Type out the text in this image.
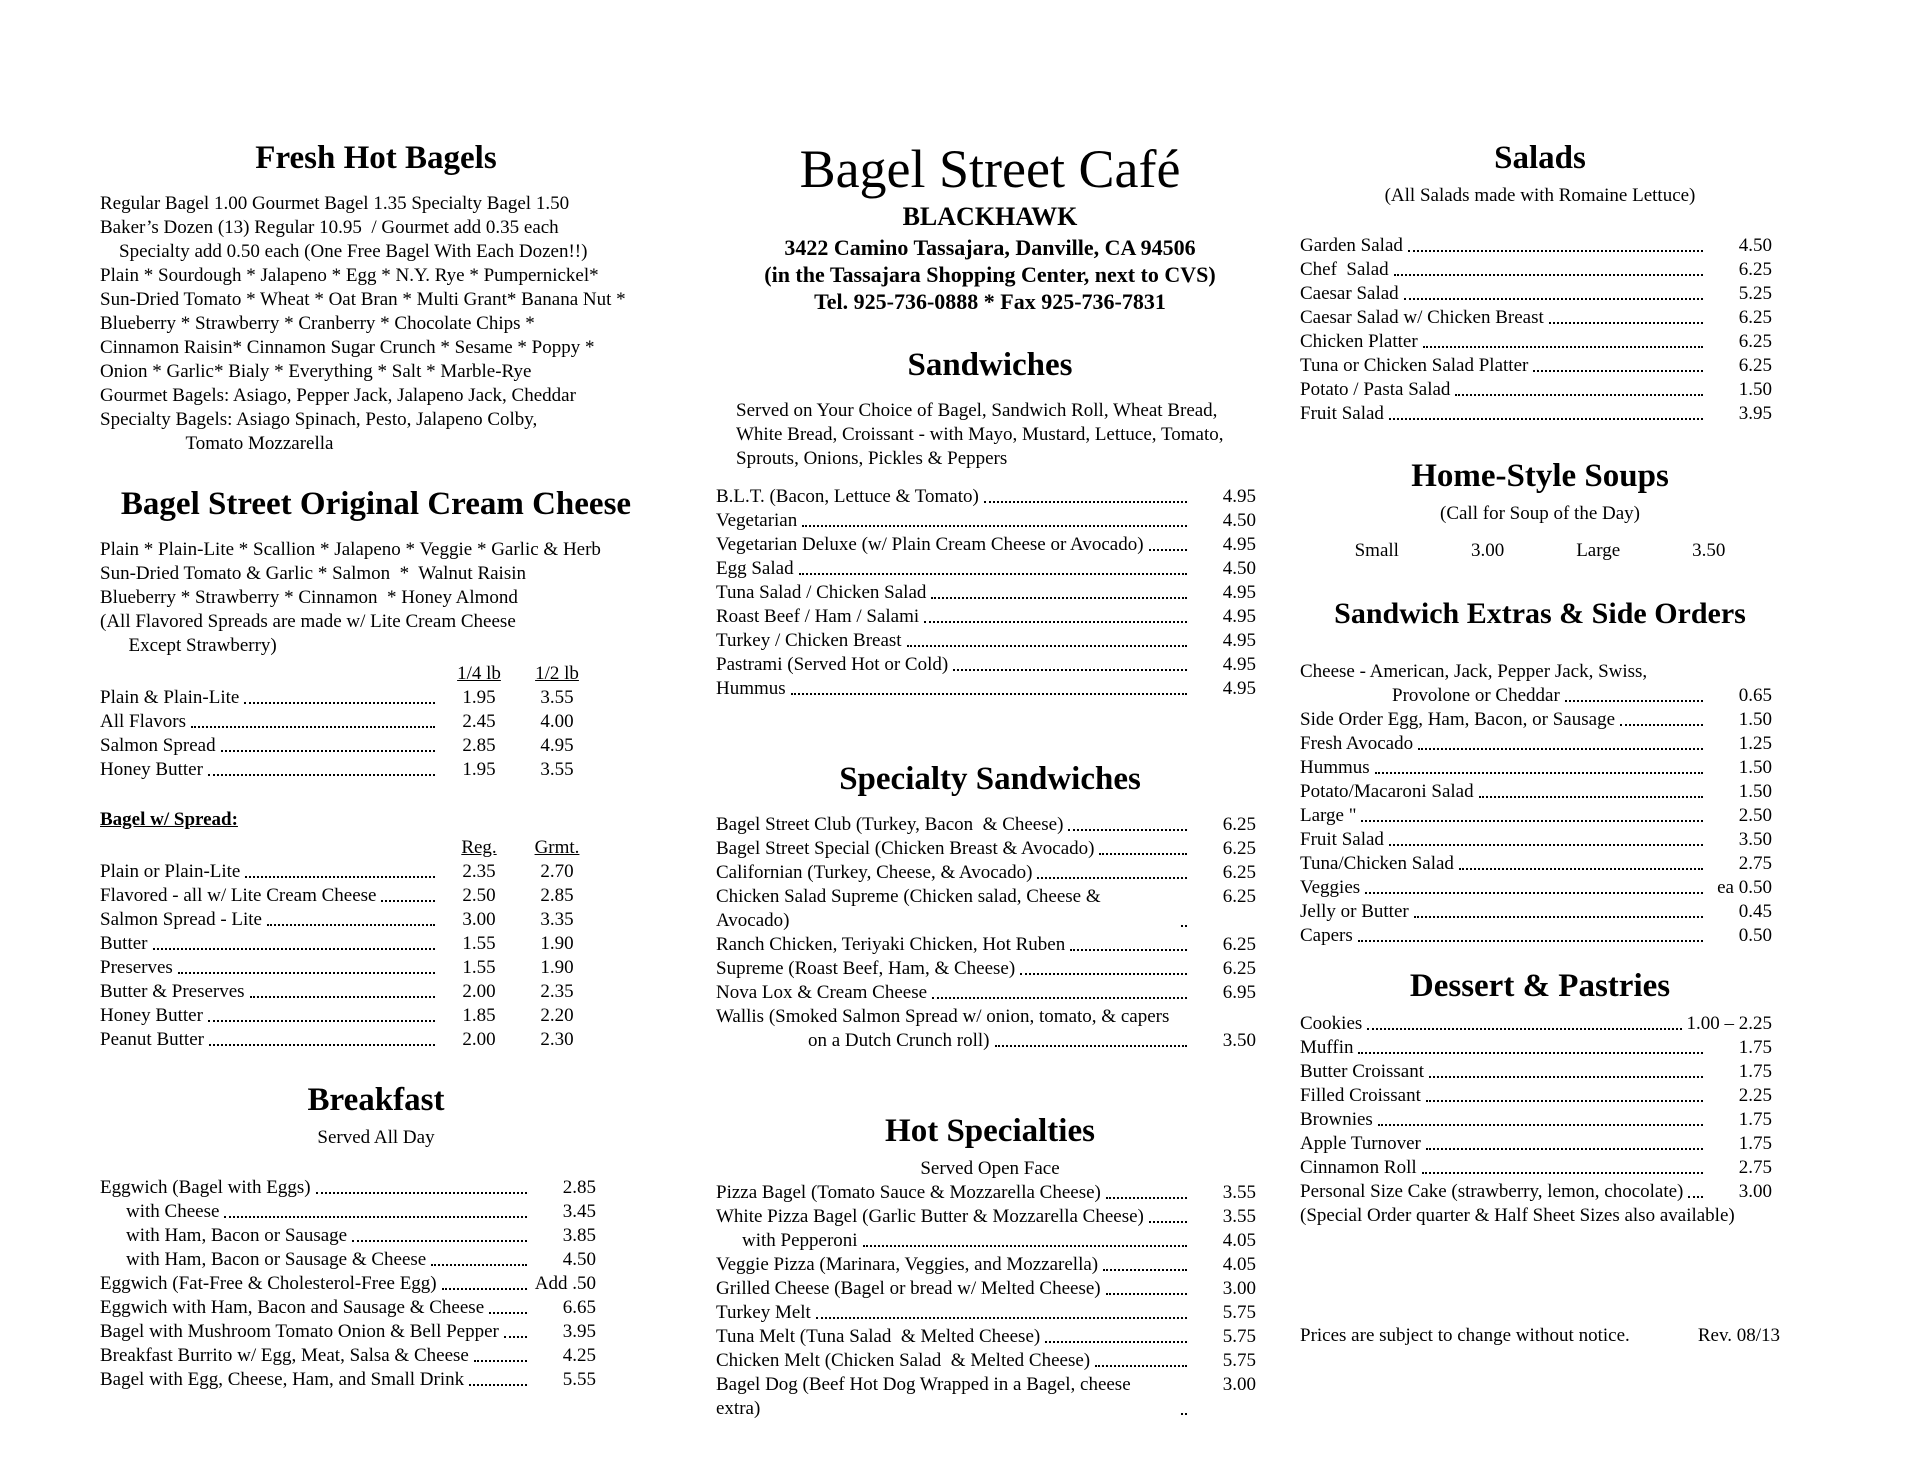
Fresh Hot Bagels
Regular Bagel 1.00 Gourmet Bagel 1.35 Specialty Bagel 1.50
Baker’s Dozen (13) Regular 10.95  / Gourmet add 0.35 each
Specialty add 0.50 each (One Free Bagel With Each Dozen!!)
Plain * Sourdough * Jalapeno * Egg * N.Y. Rye * Pumpernickel*
Sun-Dried Tomato * Wheat * Oat Bran * Multi Grant* Banana Nut *
Blueberry * Strawberry * Cranberry * Chocolate Chips *
Cinnamon Raisin* Cinnamon Sugar Crunch * Sesame * Poppy *
Onion * Garlic* Bialy * Everything * Salt * Marble-Rye
Gourmet Bagels: Asiago, Pepper Jack, Jalapeno Jack, Cheddar
Specialty Bagels: Asiago Spinach, Pesto, Jalapeno Colby,
Tomato Mozzarella
Bagel Street Original Cream Cheese
Plain * Plain-Lite * Scallion * Jalapeno * Veggie * Garlic & Herb
Sun-Dried Tomato & Garlic * Salmon  *  Walnut Raisin
Blueberry * Strawberry * Cinnamon  * Honey Almond
(All Flavored Spreads are made w/ Lite Cream Cheese
Except Strawberry)
1/4 lb	1/2 lb
Plain & Plain-Lite	1.95	3.55
All Flavors	2.45	4.00
Salmon Spread	2.85	4.95
Honey Butter	1.95	3.55
Bagel w/ Spread:
Reg.	Grmt.
Plain or Plain-Lite	2.35	2.70
Flavored - all w/ Lite Cream Cheese	2.50	2.85
Salmon Spread - Lite	3.00	3.35
Butter	1.55	1.90
Preserves	1.55	1.90
Butter & Preserves	2.00	2.35
Honey Butter	1.85	2.20
Peanut Butter	2.00	2.30
Breakfast
Served All Day
Eggwich (Bagel with Eggs)	2.85
with Cheese	3.45
with Ham, Bacon or Sausage	3.85
with Ham, Bacon or Sausage & Cheese	4.50
Eggwich (Fat-Free & Cholesterol-Free Egg)	Add .50
Eggwich with Ham, Bacon and Sausage & Cheese	6.65
Bagel with Mushroom Tomato Onion & Bell Pepper	3.95
Breakfast Burrito w/ Egg, Meat, Salsa & Cheese	4.25
Bagel with Egg, Cheese, Ham, and Small Drink	5.55
Bagel Street Café
BLACKHAWK
3422 Camino Tassajara, Danville, CA 94506
(in the Tassajara Shopping Center, next to CVS)
Tel. 925-736-0888 * Fax 925-736-7831
Sandwiches
Served on Your Choice of Bagel, Sandwich Roll, Wheat Bread,
White Bread, Croissant - with Mayo, Mustard, Lettuce, Tomato,
Sprouts, Onions, Pickles & Peppers
B.L.T. (Bacon, Lettuce & Tomato)	4.95
Vegetarian	4.50
Vegetarian Deluxe (w/ Plain Cream Cheese or Avocado)	4.95
Egg Salad	4.50
Tuna Salad / Chicken Salad	4.95
Roast Beef / Ham / Salami	4.95
Turkey / Chicken Breast	4.95
Pastrami (Served Hot or Cold)	4.95
Hummus	4.95
Specialty Sandwiches
Bagel Street Club (Turkey, Bacon  & Cheese)	6.25
Bagel Street Special (Chicken Breast & Avocado)	6.25
Californian (Turkey, Cheese, & Avocado)	6.25
Chicken Salad Supreme (Chicken salad, Cheese & Avocado)
6.25
Ranch Chicken, Teriyaki Chicken, Hot Ruben	6.25
Supreme (Roast Beef, Ham, & Cheese)	6.25
Nova Lox & Cream Cheese	6.95
Wallis (Smoked Salmon Spread w/ onion, tomato, & capers
on a Dutch Crunch roll)	3.50
Hot Specialties
Served Open Face
Pizza Bagel (Tomato Sauce & Mozzarella Cheese)	3.55
White Pizza Bagel (Garlic Butter & Mozzarella Cheese)	3.55
with Pepperoni	4.05
Veggie Pizza (Marinara, Veggies, and Mozzarella)	4.05
Grilled Cheese (Bagel or bread w/ Melted Cheese)	3.00
Turkey Melt	5.75
Tuna Melt (Tuna Salad  & Melted Cheese)	5.75
Chicken Melt (Chicken Salad  & Melted Cheese)	5.75
Bagel Dog (Beef Hot Dog Wrapped in a Bagel, cheese extra)
3.00
Salads
(All Salads made with Romaine Lettuce)
Garden Salad	4.50
Chef  Salad	6.25
Caesar Salad	5.25
Caesar Salad w/ Chicken Breast	6.25
Chicken Platter	6.25
Tuna or Chicken Salad Platter	6.25
Potato / Pasta Salad	1.50
Fruit Salad	3.95
Home-Style Soups
(Call for Soup of the Day)
Small	3.00	Large	3.50
Sandwich Extras & Side Orders
Cheese - American, Jack, Pepper Jack, Swiss,
Provolone or Cheddar	0.65
Side Order Egg, Ham, Bacon, or Sausage	1.50
Fresh Avocado	1.25
Hummus	1.50
Potato/Macaroni Salad	1.50
Large "	2.50
Fruit Salad	3.50
Tuna/Chicken Salad	2.75
Veggies	ea 0.50
Jelly or Butter	0.45
Capers	0.50
Dessert & Pastries
Cookies	1.00 – 2.25
Muffin	1.75
Butter Croissant	1.75
Filled Croissant	2.25
Brownies	1.75
Apple Turnover	1.75
Cinnamon Roll	2.75
Personal Size Cake (strawberry, lemon, chocolate)	3.00
(Special Order quarter & Half Sheet Sizes also available)
Prices are subject to change without notice.	Rev. 08/13
